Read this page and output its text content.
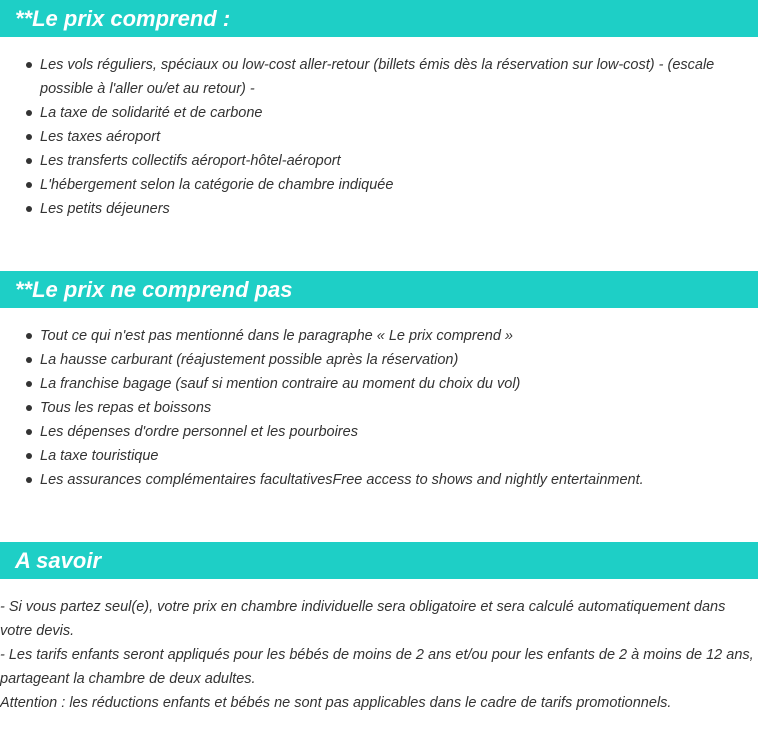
**Le prix comprend :
Les vols réguliers, spéciaux ou low-cost aller-retour (billets émis dès la réservation sur low-cost) - (escale possible à l'aller ou/et au retour) -
La taxe de solidarité et de carbone
Les taxes aéroport
Les transferts collectifs aéroport-hôtel-aéroport
L'hébergement selon la catégorie de chambre indiquée
Les petits déjeuners
**Le prix ne comprend pas
Tout ce qui n'est pas mentionné dans le paragraphe « Le prix comprend »
La hausse carburant (réajustement possible après la réservation)
La franchise bagage (sauf si mention contraire au moment du choix du vol)
Tous les repas et boissons
Les dépenses d'ordre personnel et les pourboires
La taxe touristique
Les assurances complémentaires facultativesFree access to shows and nightly entertainment.
A savoir

- Si vous partez seul(e), votre prix en chambre individuelle sera obligatoire et sera calculé automatiquement dans votre devis.

- Les tarifs enfants seront appliqués pour les bébés de moins de 2 ans et/ou pour les enfants de 2 à moins de 12 ans, partageant la chambre de deux adultes.

Attention : les réductions enfants et bébés ne sont pas applicables dans le cadre de tarifs promotionnels.
